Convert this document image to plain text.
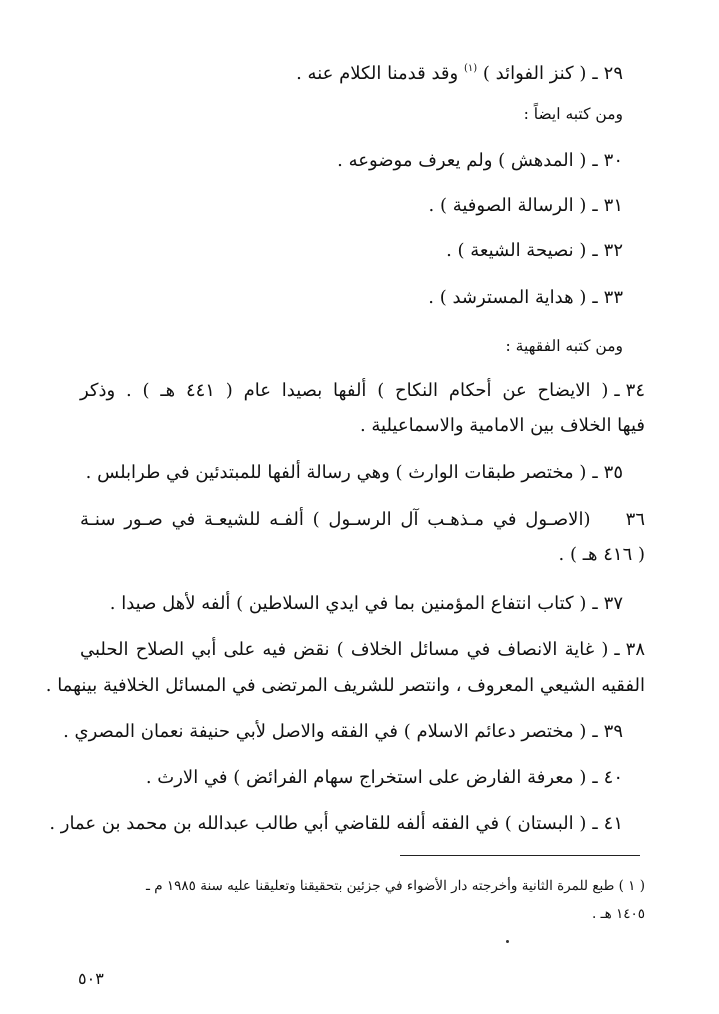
٢٩ـ( كنز الفوائد ) $^{(١)}$ وقد قدمنا الكلام عنه .
ومن كتبه ايضاً :
٣٠ـ( المدهش ) ولم يعرف موضوعه .
٣١ـ( الرسالة الصوفية ) .
٣٢ـ( نصيحة الشيعة ) .
٣٣ـ( هداية المسترشد ) .
ومن كتبه الفقهية :
٣٤ـ( الايضاح عن أحكام النكاح ) ألفها بصيدا عام ( ٤٤١ هـ ) . وذكر
فيها الخلاف بين الامامية والاسماعيلية .
٣٥ـ( مختصر طبقات الوارث ) وهي رسالة ألفها للمبتدئين في طرابلس .
٣٦    (الاصـول في مـذهـب آل الرسـول ) ألفـه للشيعـة في صـور سنـة
( ٤١٦ هـ ) .
٣٧ـ( كتاب انتفاع المؤمنين بما في ايدي السلاطين ) ألفه لأهل صيدا .
٣٨ـ( غاية الانصاف في مسائل الخلاف ) نقض فيه على أبي الصلاح الحلبي
الفقيه الشيعي المعروف ، وانتصر للشريف المرتضى في المسائل الخلافية بينهما .
٣٩ـ( مختصر دعائم الاسلام ) في الفقه والاصل لأبي حنيفة نعمان المصري .
٤٠ـ( معرفة الفارض على استخراج سهام الفرائض ) في الارث .
٤١ـ( البستان ) في الفقه ألفه للقاضي أبي طالب عبدالله بن محمد بن عمار .
( ١ ) طبع للمرة الثانية وأخرجته دار الأضواء في جزئين بتحقيقنا وتعليقنا عليه سنة ١٩٨٥ م ـ
١٤٠٥ هـ .
٥٠٣
